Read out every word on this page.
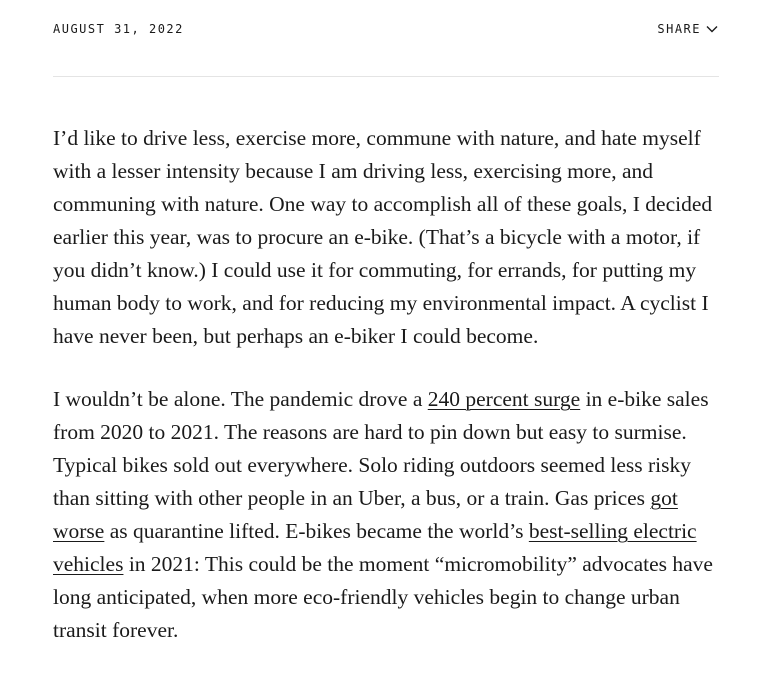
AUGUST 31, 2022	SHARE

I’d like to drive less, exercise more, commune with nature, and hate myself with a lesser intensity because I am driving less, exercising more, and communing with nature. One way to accomplish all of these goals, I decided earlier this year, was to procure an e-bike. (That’s a bicycle with a motor, if you didn’t know.) I could use it for commuting, for errands, for putting my human body to work, and for reducing my environmental impact. A cyclist I have never been, but perhaps an e-biker I could become.

I wouldn’t be alone. The pandemic drove a 240 percent surge in e-bike sales from 2020 to 2021. The reasons are hard to pin down but easy to surmise. Typical bikes sold out everywhere. Solo riding outdoors seemed less risky than sitting with other people in an Uber, a bus, or a train. Gas prices got worse as quarantine lifted. E-bikes became the world’s best-selling electric vehicles in 2021: This could be the moment “micromobility” advocates have long anticipated, when more eco-friendly vehicles begin to change urban transit forever.
